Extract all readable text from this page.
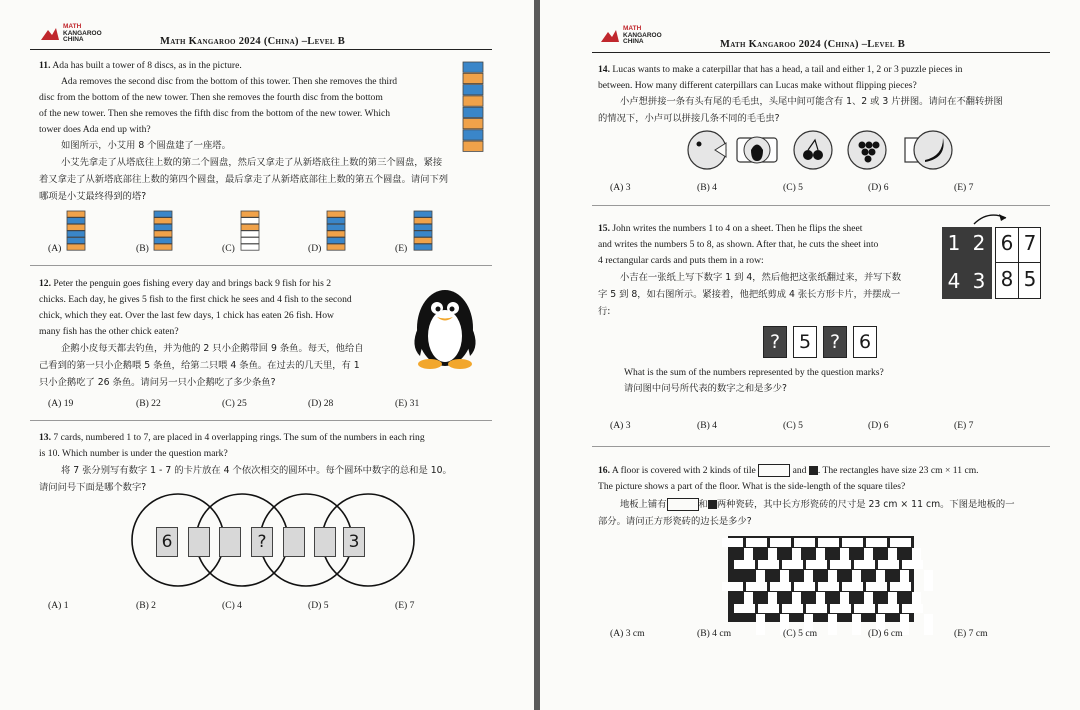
MATH
KANGAROO
CHINA	Math Kangaroo 2024 (China) –Level B
11. Ada has built a tower of 8 discs, as in the picture.
Ada removes the second disc from the bottom of this tower. Then she removes the third
disc from the bottom of the new tower. Then she removes the fourth disc from the bottom
of the new tower. Then she removes the fifth disc from the bottom of the new tower. Which
tower does Ada end up with?
如图所示，小艾用 8 个圆盘建了一座塔。
小艾先拿走了从塔底往上数的第二个圆盘，然后又拿走了从新塔底往上数的第三个圆盘，紧接
着又拿走了从新塔底部往上数的第四个圆盘，最后拿走了从新塔底部往上数的第五个圆盘。请问下列
哪项是小艾最终得到的塔?
(A)	(B)	(C)	(D)	(E)
12. Peter the penguin goes fishing every day and brings back 9 fish for his 2
chicks. Each day, he gives 5 fish to the first chick he sees and 4 fish to the second
chick, which they eat. Over the last few days, 1 chick has eaten 26 fish. How
many fish has the other chick eaten?
企鹅小皮每天都去钓鱼，并为他的 2 只小企鹅带回 9 条鱼。每天，他给自
己看到的第一只小企鹅喂 5 条鱼，给第二只喂 4 条鱼。在过去的几天里，有 1
只小企鹅吃了 26 条鱼。请问另一只小企鹅吃了多少条鱼?
(A) 19	(B) 22	(C) 25	(D) 28	(E) 31
13. 7 cards, numbered 1 to 7, are placed in 4 overlapping rings. The sum of the numbers in each ring
is 10. Which number is under the question mark?
将 7 张分别写有数字 1 - 7 的卡片放在 4 个依次相交的圆环中。每个圆环中数字的总和是 10。
请问问号下面是哪个数字?
6	?	3
(A) 1	(B) 2	(C) 4	(D) 5	(E) 7
MATH
KANGAROO
CHINA	Math Kangaroo 2024 (China) –Level B
14. Lucas wants to make a caterpillar that has a head, a tail and either 1, 2 or 3 puzzle pieces in
between. How many different caterpillars can Lucas make without flipping pieces?
小卢想拼接一条有头有尾的毛毛虫，头尾中间可能含有 1、2 或 3 片拼图。请问在不翻转拼图
的情况下，小卢可以拼接几条不同的毛毛虫?
(A) 3	(B) 4	(C) 5	(D) 6	(E) 7
15. John writes the numbers 1 to 4 on a sheet. Then he flips the sheet
and writes the numbers 5 to 8, as shown. After that, he cuts the sheet into
4 rectangular cards and puts them in a row:
小吉在一张纸上写下数字 1 到 4，然后他把这张纸翻过来，并写下数
字 5 到 8，如右图所示。紧接着，他把纸剪成 4 张长方形卡片，并摆成一
行:
1 2
4 3
6 7
8 5
? 5 ? 6
What is the sum of the numbers represented by the question marks?
请问图中问号所代表的数字之和是多少?
(A) 3	(B) 4	(C) 5	(D) 6	(E) 7
16. A floor is covered with 2 kinds of tile	and . The rectangles have size 23 cm × 11 cm.
The picture shows a part of the floor. What is the side-length of the square tiles?
地板上铺有	和 两种瓷砖，其中长方形瓷砖的尺寸是 23 cm × 11 cm。下图是地板的一
部分。请问正方形瓷砖的边长是多少?
(A) 3 cm	(B) 4 cm	(C) 5 cm	(D) 6 cm	(E) 7 cm
